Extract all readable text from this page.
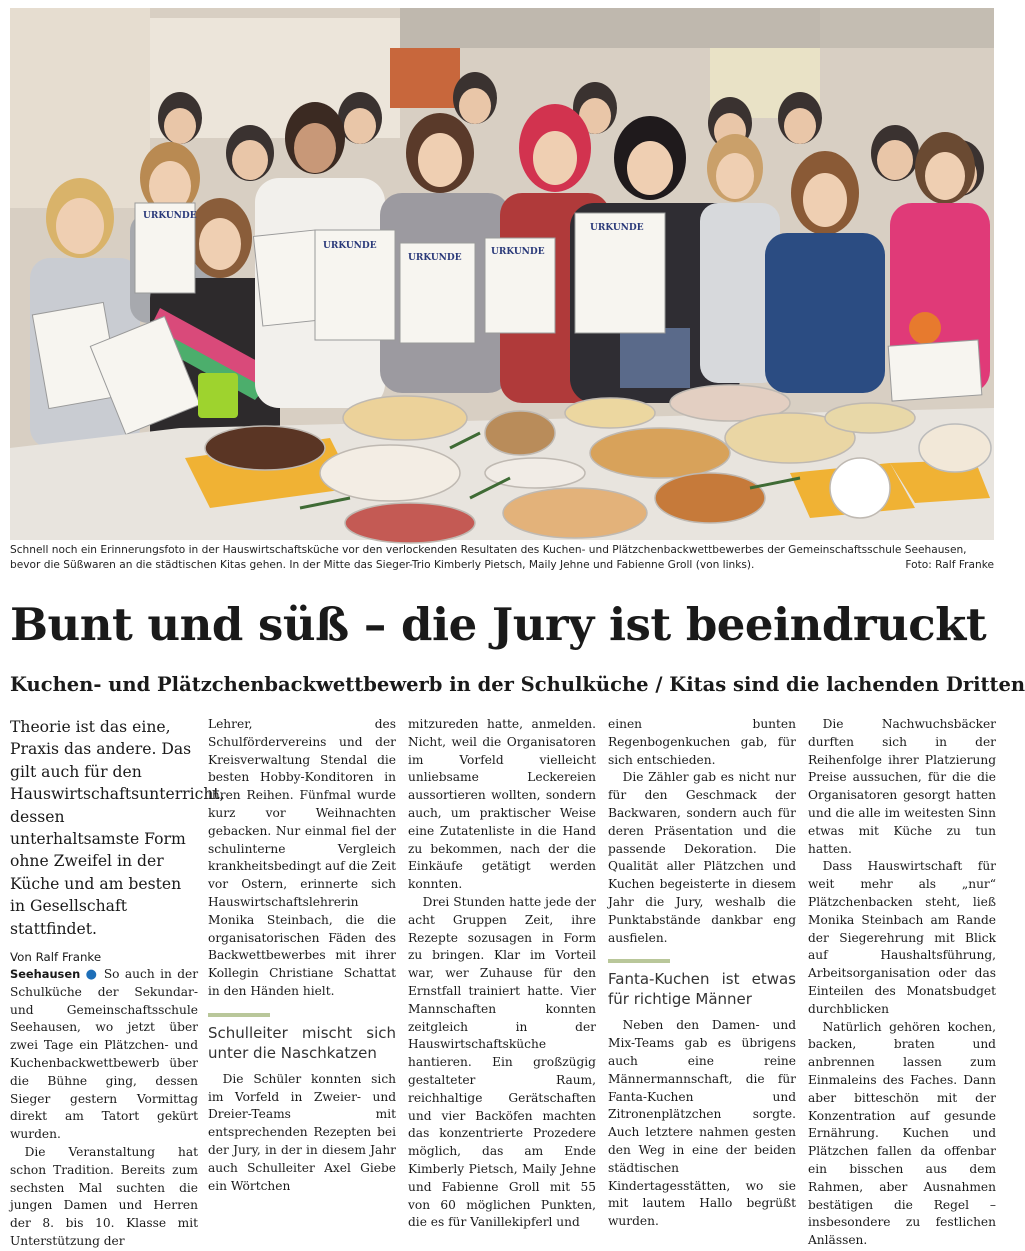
URKUNDE
URKUNDE
URKUNDE
URKUNDE
URKUNDE
Schnell noch ein Erinnerungsfoto in der Hauswirtschaftsküche vor den verlockenden Resultaten des Kuchen- und Plätzchenbackwettbewerbes der Gemeinschaftsschule Seehausen, bevor die Süßwaren an die städtischen Kitas gehen. In der Mitte das Sieger-Trio Kimberly Pietsch, Maily Jehne und Fabienne Groll (von links).	Foto: Ralf Franke
Bunt und süß – die Jury ist beeindruckt
Kuchen- und Plätzchenbackwettbewerb in der Schulküche / Kitas sind die lachenden Dritten
Theorie ist das eine, Praxis das andere. Das gilt auch für den Hauswirtschaftsunterricht, dessen unterhaltsamste Form ohne Zweifel in der Küche und am besten in Gesellschaft stattfindet.
Von Ralf Franke

Seehausen ● So auch in der Schulküche der Sekundar- und Gemeinschaftsschule Seehausen, wo jetzt über zwei Tage ein Plätzchen- und Kuchenbackwettbewerb über die Bühne ging, dessen Sieger gestern Vormittag direkt am Tatort gekürt wurden.

Die Veranstaltung hat schon Tradition. Bereits zum sechsten Mal suchten die jungen Damen und Herren der 8. bis 10. Klasse mit Unterstützung der

Lehrer, des Schulfördervereins und der Kreisverwaltung Stendal die besten Hobby-Konditoren in ihren Reihen. Fünfmal wurde kurz vor Weihnachten gebacken. Nur einmal fiel der schulinterne Vergleich krankheitsbedingt auf die Zeit vor Ostern, erinnerte sich Hauswirtschaftslehrerin Monika Steinbach, die die organisatorischen Fäden des Backwettbewerbes mit ihrer Kollegin Christiane Schattat in den Händen hielt.

Schulleiter mischt sich unter die Naschkatzen

Die Schüler konnten sich im Vorfeld in Zweier- und Dreier-Teams mit entsprechenden Rezepten bei der Jury, in der in diesem Jahr auch Schulleiter Axel Giebe ein Wörtchen

mitzureden hatte, anmelden. Nicht, weil die Organisatoren im Vorfeld vielleicht unliebsame Leckereien aussortieren wollten, sondern auch, um praktischer Weise eine Zutatenliste in die Hand zu bekommen, nach der die Einkäufe getätigt werden konnten.

Drei Stunden hatte jede der acht Gruppen Zeit, ihre Rezepte sozusagen in Form zu bringen. Klar im Vorteil war, wer Zuhause für den Ernstfall trainiert hatte. Vier Mannschaften konnten zeitgleich in der Hauswirtschaftsküche hantieren. Ein großzügig gestalteter Raum, reichhaltige Gerätschaften und vier Backöfen machten das konzentrierte Prozedere möglich, das am Ende Kimberly Pietsch, Maily Jehne und Fabienne Groll mit 55 von 60 möglichen Punkten, die es für Vanillekipferl und

einen bunten Regenbogenkuchen gab, für sich entschieden.

Die Zähler gab es nicht nur für den Geschmack der Backwaren, sondern auch für deren Präsentation und die passende Dekoration. Die Qualität aller Plätzchen und Kuchen begeisterte in diesem Jahr die Jury, weshalb die Punktabstände dankbar eng ausfielen.

Fanta-Kuchen ist etwas für richtige Männer

Neben den Damen- und Mix-Teams gab es übrigens auch eine reine Männermannschaft, die für Fanta-Kuchen und Zitronenplätzchen sorgte. Auch letztere nahmen gesten den Weg in eine der beiden städtischen Kindertagesstätten, wo sie mit lautem Hallo begrüßt wurden.

Die Nachwuchsbäcker durften sich in der Reihenfolge ihrer Platzierung Preise aussuchen, für die die Organisatoren gesorgt hatten und die alle im weitesten Sinn etwas mit Küche zu tun hatten.

Dass Hauswirtschaft für weit mehr als „nur“ Plätzchenbacken steht, ließ Monika Steinbach am Rande der Siegerehrung mit Blick auf Haushaltsführung, Arbeitsorganisation oder das Einteilen des Monatsbudget durchblicken

Natürlich gehören kochen, backen, braten und anbrennen lassen zum Einmaleins des Faches. Dann aber bitteschön mit der Konzentration auf gesunde Ernährung. Kuchen und Plätzchen fallen da offenbar ein bisschen aus dem Rahmen, aber Ausnahmen bestätigen die Regel – insbesondere zu festlichen Anlässen.
